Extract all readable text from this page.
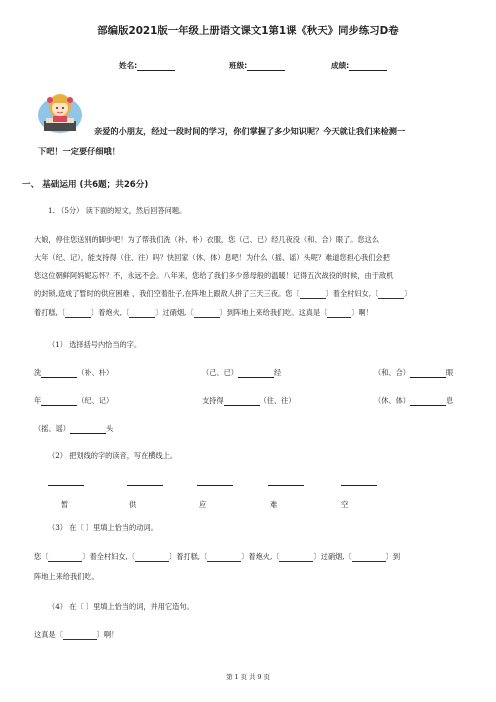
部编版2021版一年级上册语文课文1第1课《秋天》同步练习D卷
姓名:	班级:	成绩:
亲爱的小朋友，经过一段时间的学习，你们掌握了多少知识呢？今天就让我们来检测一
下吧！一定要仔细哦！
一、 基础运用 (共6题；共26分)
1. （5分） 读下面的短文，然后回答问题。
大娘，停住您送别的脚步吧！为了帮我们洗（补、朴）衣服，您（己、已）经几夜没（和、合）眼了。您这么
大年（纪、记），能支持得（住、往）吗？快回家（休、体）息吧！为什么（摇、谣）头呢？难道您担心我们会把
您这位朝鲜阿妈妮忘怀？不，永远不会。八年来，您给了我们多少慈母般的温暖！记得五次战役的时候，由于敌机
的封锁,造成了暂时的供应困难 ，我们空着肚子,在阵地上跟敌人拼了三天三夜。您〔	〕着全村妇女,〔	〕
着打糕,〔	〕着炮火,〔	〕过硝烟,〔	〕到阵地上来给我们吃。这真是〔	〕啊！
（1） 选择括号内恰当的字。
洗	（补、朴）	（己、已）	经	（和、合）	眼
年	（纪、记）	支持得	（住、往）	（休、体）	息
（摇、谣）	头
（2） 把划线的字的读音，写在横线上。
暂	供	应	难	空
（3） 在〔 〕里填上恰当的动词。
您〔	〕着全村妇女,〔	〕着打糕,〔	〕着炮火,〔	〕过硝烟,〔	〕到
阵地上来给我们吃。
（4） 在〔 〕里填上恰当的词，并用它造句。
这真是〔	〕啊！
第 1 页 共 9 页
